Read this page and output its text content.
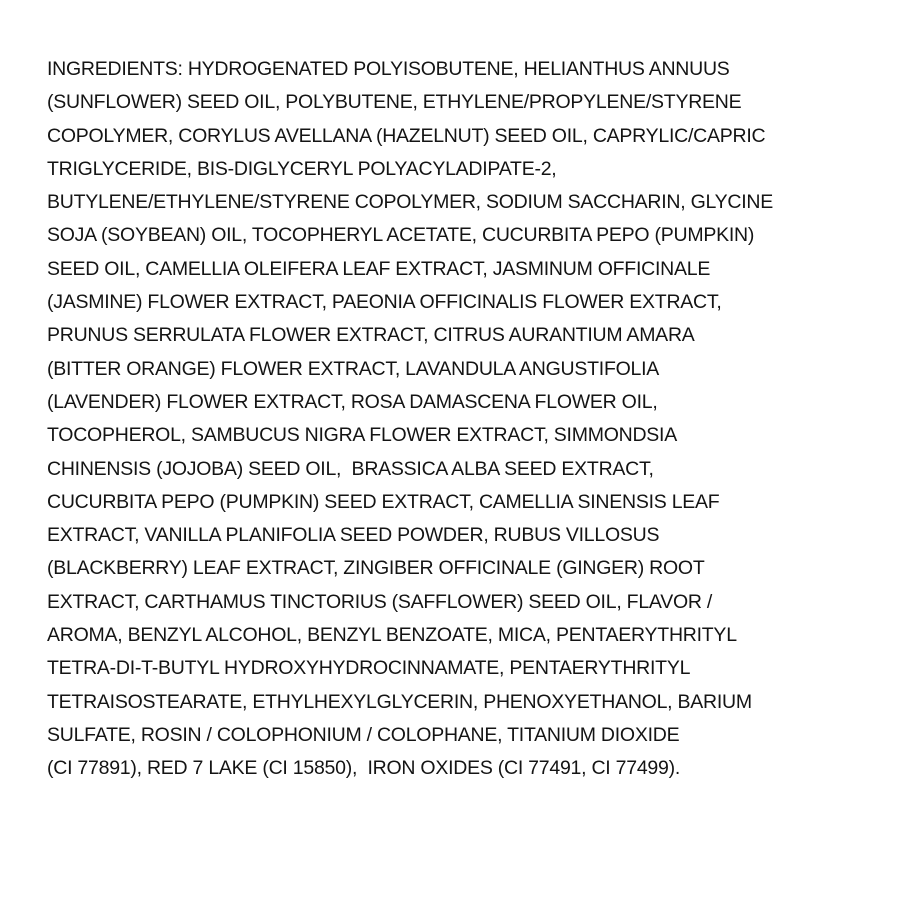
INGREDIENTS: HYDROGENATED POLYISOBUTENE, HELIANTHUS ANNUUS
(SUNFLOWER) SEED OIL, POLYBUTENE, ETHYLENE/PROPYLENE/STYRENE
COPOLYMER, CORYLUS AVELLANA (HAZELNUT) SEED OIL, CAPRYLIC/CAPRIC
TRIGLYCERIDE, BIS-DIGLYCERYL POLYACYLADIPATE-2,
BUTYLENE/ETHYLENE/STYRENE COPOLYMER, SODIUM SACCHARIN, GLYCINE
SOJA (SOYBEAN) OIL, TOCOPHERYL ACETATE, CUCURBITA PEPO (PUMPKIN)
SEED OIL, CAMELLIA OLEIFERA LEAF EXTRACT, JASMINUM OFFICINALE
(JASMINE) FLOWER EXTRACT, PAEONIA OFFICINALIS FLOWER EXTRACT,
PRUNUS SERRULATA FLOWER EXTRACT, CITRUS AURANTIUM AMARA
(BITTER ORANGE) FLOWER EXTRACT, LAVANDULA ANGUSTIFOLIA
(LAVENDER) FLOWER EXTRACT, ROSA DAMASCENA FLOWER OIL,
TOCOPHEROL, SAMBUCUS NIGRA FLOWER EXTRACT, SIMMONDSIA
CHINENSIS (JOJOBA) SEED OIL,  BRASSICA ALBA SEED EXTRACT,
CUCURBITA PEPO (PUMPKIN) SEED EXTRACT, CAMELLIA SINENSIS LEAF
EXTRACT, VANILLA PLANIFOLIA SEED POWDER, RUBUS VILLOSUS
(BLACKBERRY) LEAF EXTRACT, ZINGIBER OFFICINALE (GINGER) ROOT
EXTRACT, CARTHAMUS TINCTORIUS (SAFFLOWER) SEED OIL, FLAVOR /
AROMA, BENZYL ALCOHOL, BENZYL BENZOATE, MICA, PENTAERYTHRITYL
TETRA-DI-T-BUTYL HYDROXYHYDROCINNAMATE, PENTAERYTHRITYL
TETRAISOSTEARATE, ETHYLHEXYLGLYCERIN, PHENOXYETHANOL, BARIUM
SULFATE, ROSIN / COLOPHONIUM / COLOPHANE, TITANIUM DIOXIDE
(CI 77891), RED 7 LAKE (CI 15850),  IRON OXIDES (CI 77491, CI 77499).
